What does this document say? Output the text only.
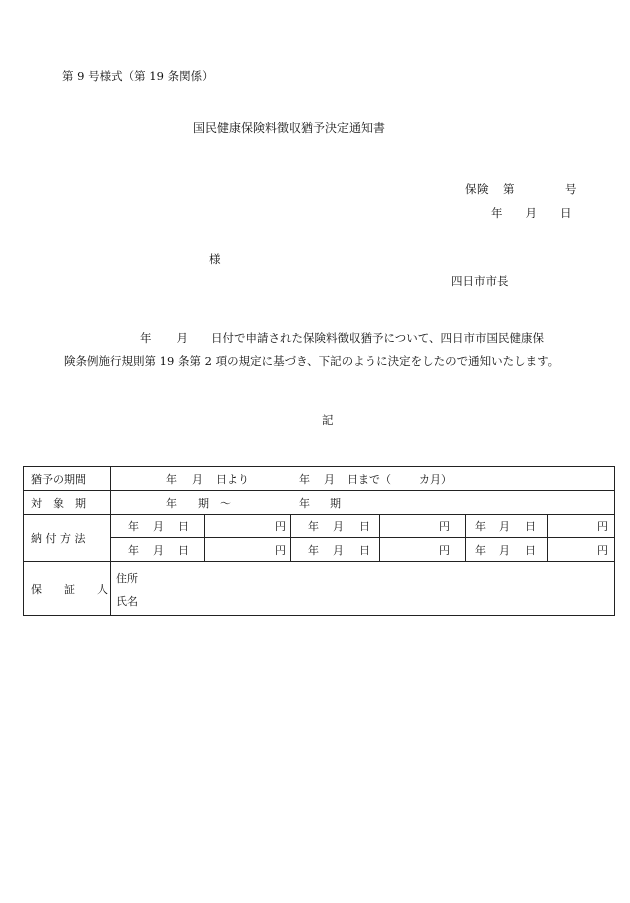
第 9 号様式（第 19 条関係）
国民健康保険料徴収猶予決定通知書
保険 第	号
年 月 日
様
四日市市長
年 月 日付で申請された保険料徴収猶予について、四日市市国民健康保
険条例施行規則第 19 条第 2 項の規定に基づき、下記のように決定をしたので通知いたします。
記
猶予の期間	年 月 日より	年 月 日まで（	カ月）
対　象　期	年 期　～	年 期
納 付 方 法
年 月 日	円 年 月 日	円 年 月 日	円
年 月 日	円 年 月 日	円 年 月 日	円
保　　証　　人
住所
氏名
